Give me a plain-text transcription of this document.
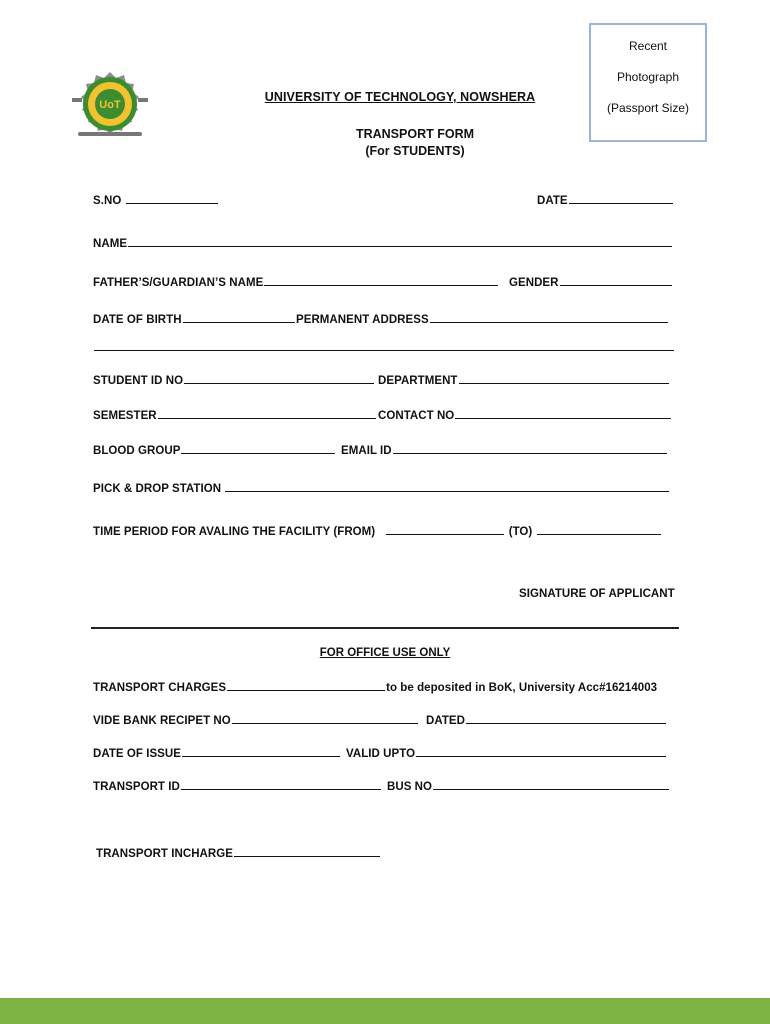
Recent
Photograph
(Passport Size)
UoT
UNIVERSITY OF TECHNOLOGY, NOWSHERA
TRANSPORT FORM
(For STUDENTS)
S.NO	DATE
NAME
FATHER’S/GUARDIAN’S NAME	GENDER
DATE OF BIRTH	PERMANENT ADDRESS
STUDENT ID NO	DEPARTMENT
SEMESTER	CONTACT NO
BLOOD GROUP	EMAIL ID
PICK & DROP STATION
TIME PERIOD FOR AVALING THE FACILITY (FROM)	(TO)
SIGNATURE OF APPLICANT
FOR OFFICE USE ONLY
TRANSPORT CHARGES	to be deposited in BoK, University Acc#16214003
VIDE BANK RECIPET NO	DATED
DATE OF ISSUE	VALID UPTO
TRANSPORT ID	BUS NO
TRANSPORT INCHARGE
